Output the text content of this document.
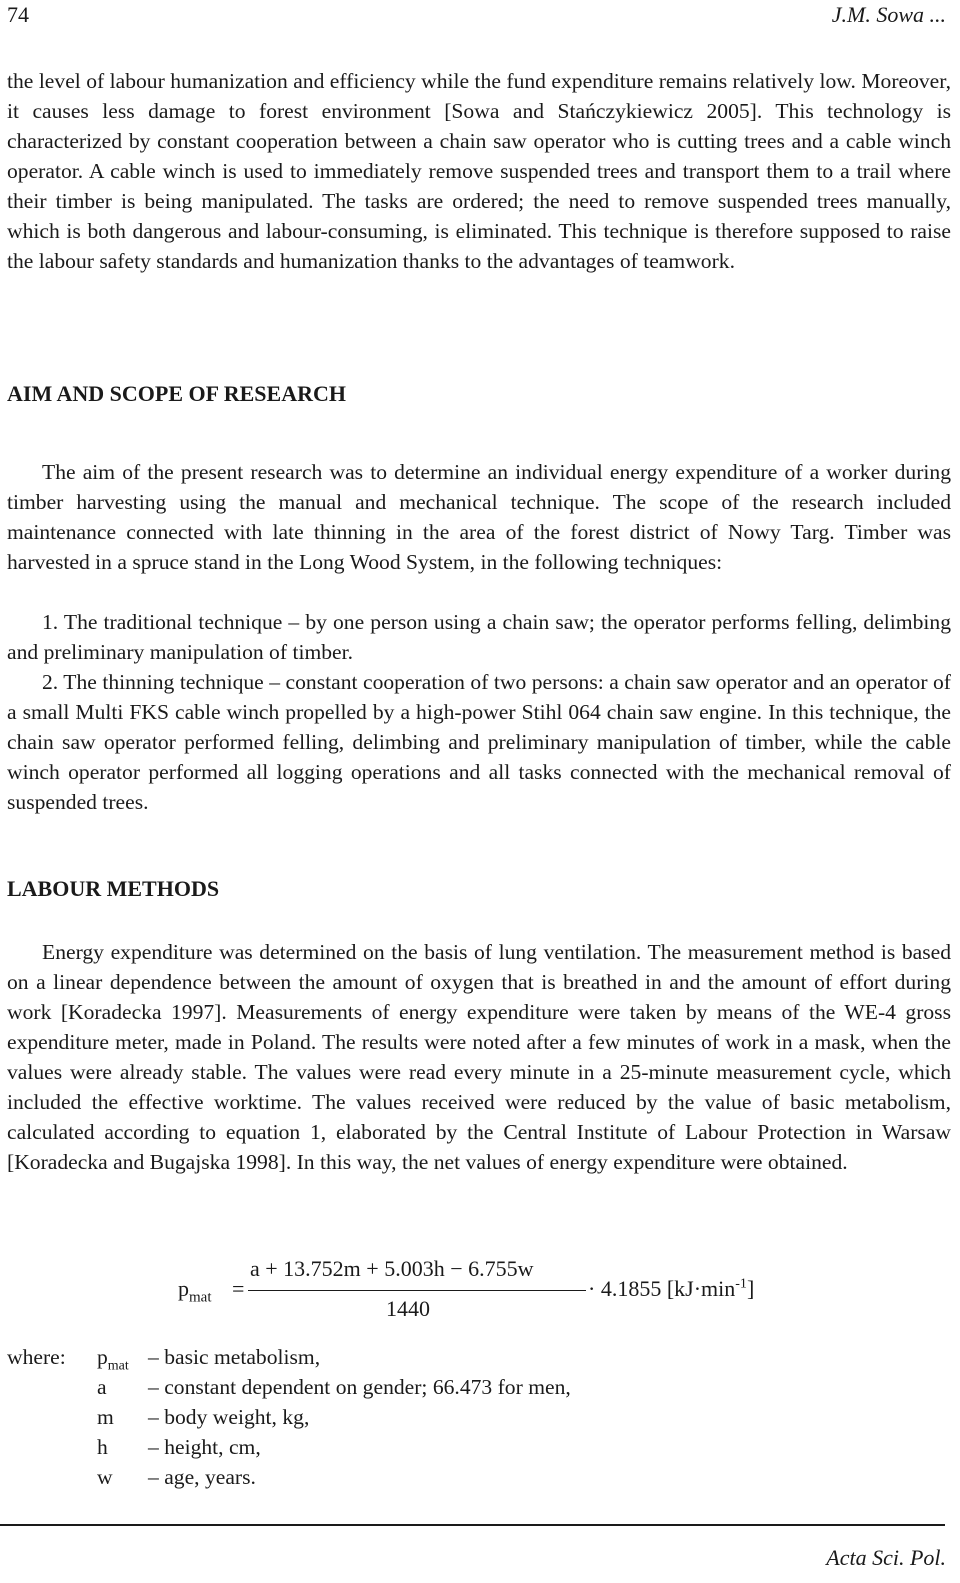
74	J.M. Sowa ...

the level of labour humanization and efficiency while the fund expenditure remains relatively low. Moreover, it causes less damage to forest environment [Sowa and Stańczykiewicz 2005]. This technology is characterized by constant cooperation between a chain saw operator who is cutting trees and a cable winch operator. A cable winch is used to immediately remove suspended trees and transport them to a trail where their timber is being manipulated. The tasks are ordered; the need to remove suspended trees manually, which is both dangerous and labour-consuming, is eliminated. This technique is therefore supposed to raise the labour safety standards and humanization thanks to the advantages of teamwork.

AIM AND SCOPE OF RESEARCH

The aim of the present research was to determine an individual energy expenditure of a worker during timber harvesting using the manual and mechanical technique. The scope of the research included maintenance connected with late thinning in the area of the forest district of Nowy Targ. Timber was harvested in a spruce stand in the Long Wood System, in the following techniques:

1. The traditional technique – by one person using a chain saw; the operator performs felling, delimbing and preliminary manipulation of timber.

2. The thinning technique – constant cooperation of two persons: a chain saw operator and an operator of a small Multi FKS cable winch propelled by a high-power Stihl 064 chain saw engine. In this technique, the chain saw operator performed felling, delimbing and preliminary manipulation of timber, while the cable winch operator performed all logging operations and all tasks connected with the mechanical removal of suspended trees.

LABOUR METHODS

Energy expenditure was determined on the basis of lung ventilation. The measurement method is based on a linear dependence between the amount of oxygen that is breathed in and the amount of effort during work [Koradecka 1997]. Measurements of energy expenditure were taken by means of the WE-4 gross expenditure meter, made in Poland. The results were noted after a few minutes of work in a mask, when the values were already stable. The values were read every minute in a 25-minute measurement cycle, which included the effective worktime. The values received were reduced by the value of basic metabolism, calculated according to equation 1, elaborated by the Central Institute of Labour Protection in Warsaw [Koradecka and Bugajska 1998]. In this way, the net values of energy expenditure were obtained.

$p_{mat}$ =
a + 13.752m + 5.003h − 6.755w
1440
· 4.1855 $[kJ\cdot\min^{-1}]$
where: $p_{mat}$ – basic metabolism,
a – constant dependent on gender; 66.473 for men,
m – body weight, kg,
h – height, cm,
w – age, years.
Acta Sci. Pol.
